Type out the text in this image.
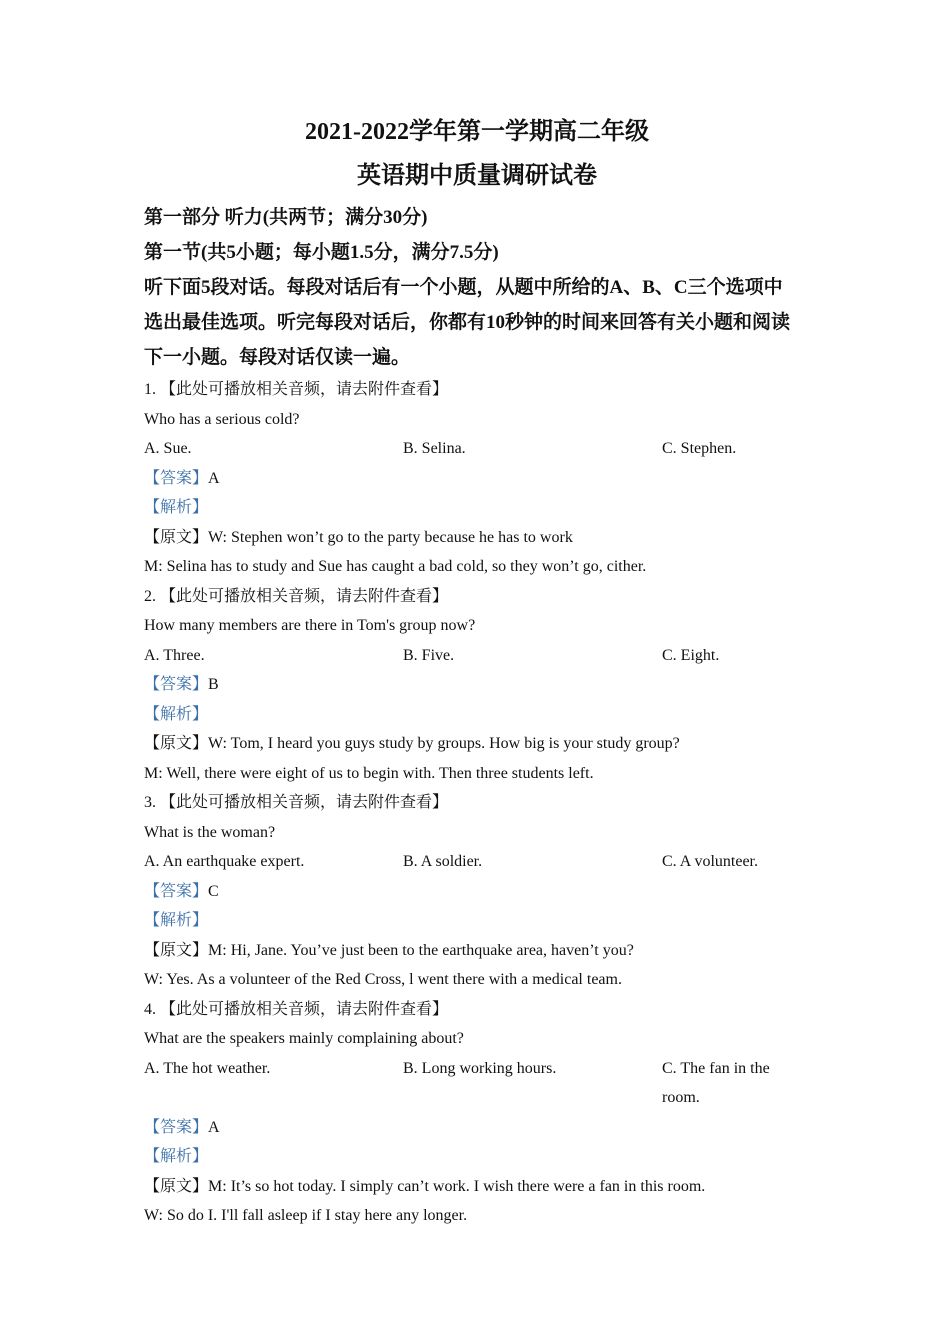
2021-2022学年第一学期高二年级

英语期中质量调研试卷

第一部分 听力(共两节；满分30分)

第一节(共5小题；每小题1.5分，满分7.5分)

听下面5段对话。每段对话后有一个小题，从题中所给的A、B、C三个选项中

选出最佳选项。听完每段对话后，你都有10秒钟的时间来回答有关小题和阅读

下一小题。每段对话仅读一遍。

1. 【此处可播放相关音频，请去附件查看】

Who has a serious cold?

A. Sue.	B. Selina.	C. Stephen.

【答案】A

【解析】

【原文】W: Stephen won’t go to the party because he has to work

M: Selina has to study and Sue has caught a bad cold, so they won’t go, cither.

2. 【此处可播放相关音频，请去附件查看】

How many members are there in Tom's group now?

A. Three.	B. Five.	C. Eight.

【答案】B

【解析】

【原文】W: Tom, I heard you guys study by groups. How big is your study group?

M: Well, there were eight of us to begin with. Then three students left.

3. 【此处可播放相关音频，请去附件查看】

What is the woman?

A. An earthquake expert.	B. A soldier.	C. A volunteer.

【答案】C

【解析】

【原文】M: Hi, Jane. You’ve just been to the earthquake area, haven’t you?

W: Yes. As a volunteer of the Red Cross, l went there with a medical team.

4. 【此处可播放相关音频，请去附件查看】

What are the speakers mainly complaining about?

A. The hot weather.	B. Long working hours.	C. The fan in the room.

【答案】A

【解析】

【原文】M: It’s so hot today. I simply can’t work. I wish there were a fan in this room.

W: So do I. I'll fall asleep if I stay here any longer.
